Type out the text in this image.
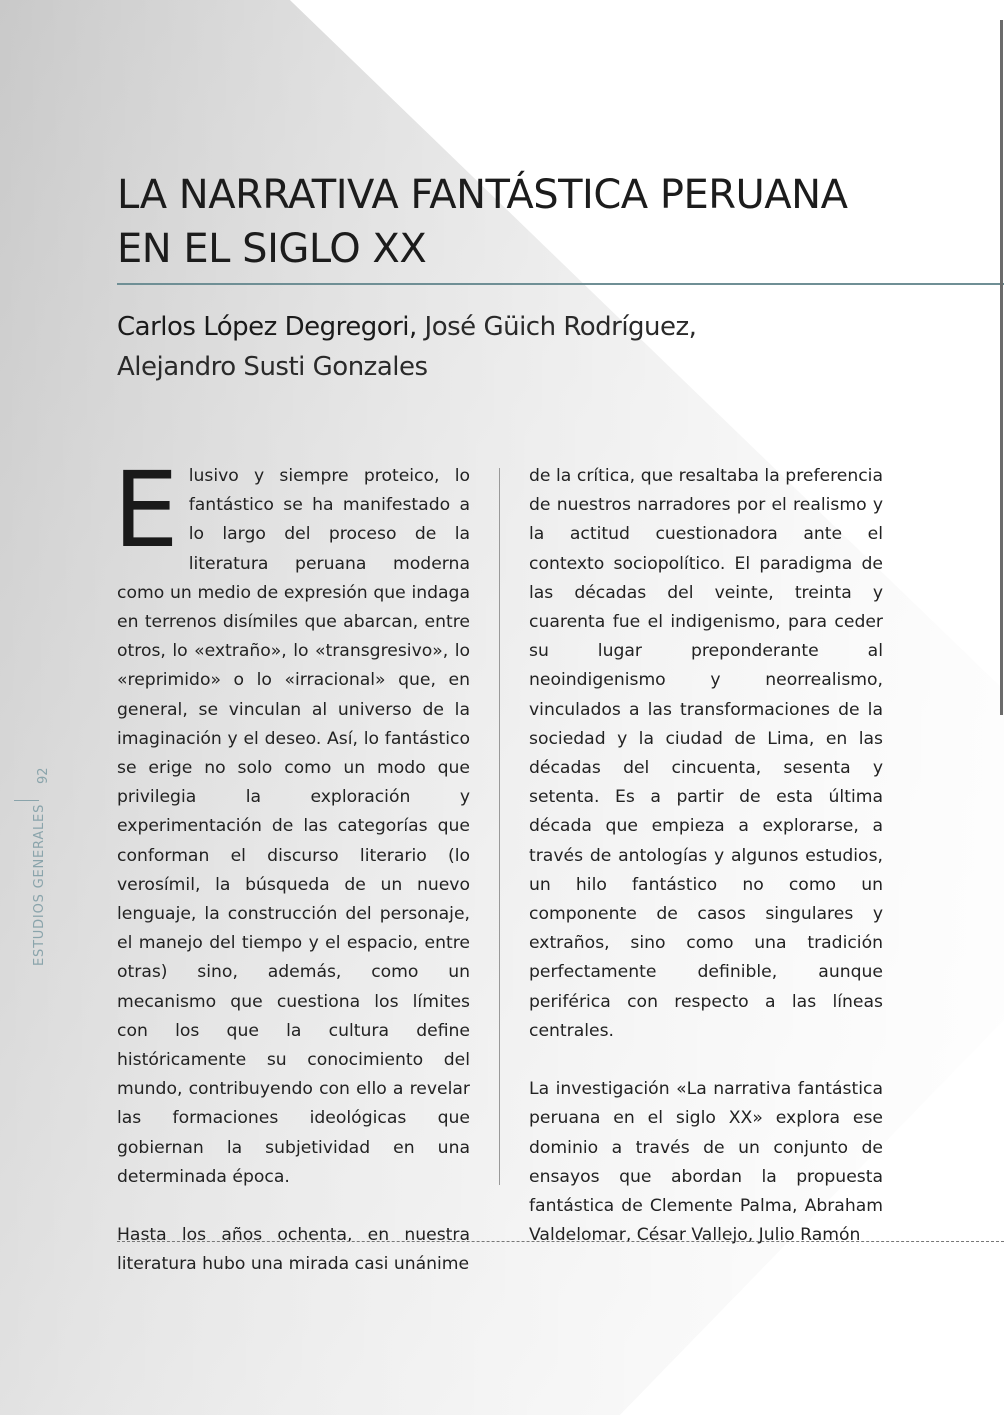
LA NARRATIVA FANTÁSTICA PERUANA
EN EL SIGLO XX

Carlos López Degregori, José Güich Rodríguez,
Alejandro Susti Gonzales

Elusivo y siempre proteico, lo fantástico se ha manifestado a lo largo del proceso de la literatura peruana moderna como un medio de expresión que indaga en terrenos disímiles que abarcan, entre otros, lo «extraño», lo «transgresivo», lo «reprimido» o lo «irracional» que, en general, se vinculan al universo de la imaginación y el deseo. Así, lo fantástico se erige no solo como un modo que privilegia la exploración y experimentación de las categorías que conforman el discurso literario (lo verosímil, la búsqueda de un nuevo lenguaje, la construcción del personaje, el manejo del tiempo y el espacio, entre otras) sino, además, como un mecanismo que cuestiona los límites con los que la cultura define históricamente su conocimiento del mundo, contribuyendo con ello a revelar las formaciones ideológicas que gobiernan la subjetividad en una determinada época.

Hasta los años ochenta, en nuestra literatura hubo una mirada casi unánime

de la crítica, que resaltaba la preferencia de nuestros narradores por el realismo y la actitud cuestionadora ante el contexto sociopolítico. El paradigma de las décadas del veinte, treinta y cuarenta fue el indigenismo, para ceder su lugar preponderante al neoindigenismo y neorrealismo, vinculados a las transformaciones de la sociedad y la ciudad de Lima, en las décadas del cincuenta, sesenta y setenta. Es a partir de esta última década que empieza a explorarse, a través de antologías y algunos estudios, un hilo fantástico no como un componente de casos singulares y extraños, sino como una tradición perfectamente definible, aunque periférica con respecto a las líneas centrales.

La investigación «La narrativa fantástica peruana en el siglo XX» explora ese dominio a través de un conjunto de ensayos que abordan la propuesta fantástica de Clemente Palma, Abraham Valdelomar, César Vallejo, Julio Ramón

92
ESTUDIOS GENERALES
